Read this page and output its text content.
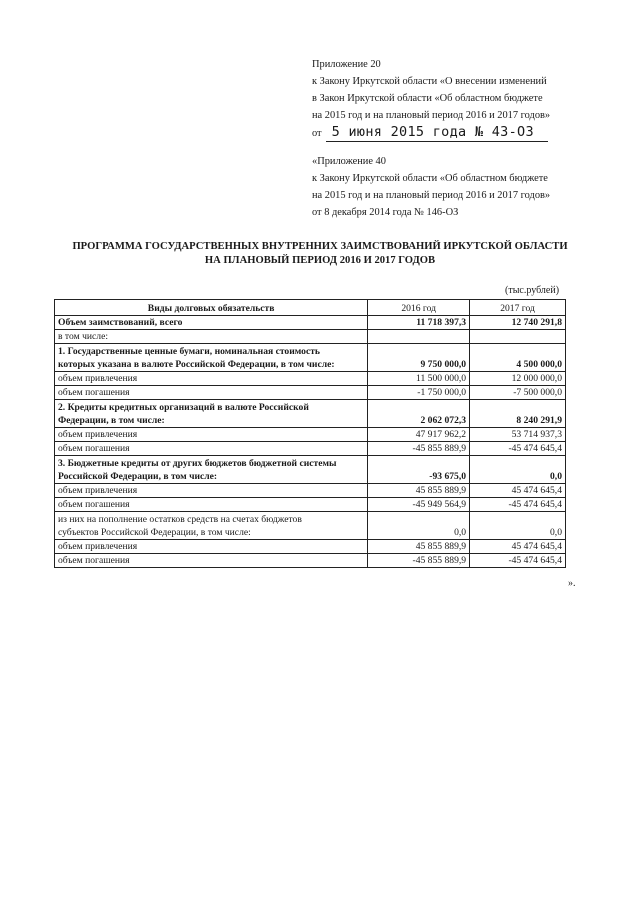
Приложение 20
к Закону Иркутской области «О внесении изменений
в Закон Иркутской области «Об областном бюджете
на 2015 год и на плановый период 2016 и 2017 годов»
от 5 июня 2015 года № 43-ОЗ
«Приложение 40
к Закону Иркутской области «Об областном бюджете
на 2015 год и на плановый период 2016 и 2017 годов»
от 8 декабря 2014 года № 146-ОЗ
ПРОГРАММА ГОСУДАРСТВЕННЫХ ВНУТРЕННИХ ЗАИМСТВОВАНИЙ ИРКУТСКОЙ ОБЛАСТИ
НА ПЛАНОВЫЙ ПЕРИОД 2016 И 2017 ГОДОВ
(тыс.рублей)
Виды долговых обязательств	2016 год	2017 год
Объем заимствований, всего	11 718 397,3	12 740 291,8
в том числе:		

1. Государственные ценные бумаги, номинальная стоимость
которых указана в валюте Российской Федерации, в том числе:	9 750 000,0	4 500 000,0
объем привлечения	11 500 000,0	12 000 000,0
объем погашения	-1 750 000,0	-7 500 000,0

2. Кредиты кредитных организаций в валюте Российской
Федерации, в том числе:	2 062 072,3	8 240 291,9
объем привлечения	47 917 962,2	53 714 937,3
объем погашения	-45 855 889,9	-45 474 645,4

3. Бюджетные кредиты от других бюджетов бюджетной системы
Российской Федерации, в том числе:	-93 675,0	0,0
объем привлечения	45 855 889,9	45 474 645,4
объем погашения	-45 949 564,9	-45 474 645,4

из них на пополнение остатков средств на счетах бюджетов
субъектов Российской Федерации, в том числе:	0,0	0,0
объем привлечения	45 855 889,9	45 474 645,4
объем погашения	-45 855 889,9	-45 474 645,4
».
